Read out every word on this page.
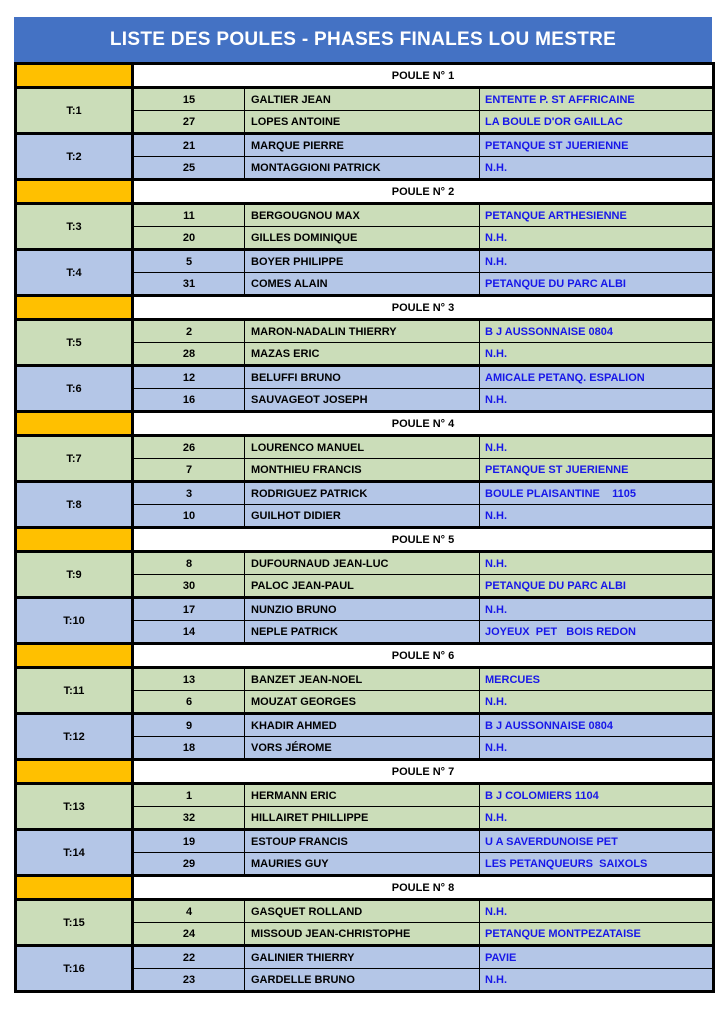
LISTE DES POULES - PHASES FINALES LOU MESTRE
	POULE N° 1		
T:1	15	GALTIER JEAN	ENTENTE P. ST AFFRICAINE
	27	LOPES ANTOINE	LA BOULE D'OR GAILLAC
T:2	21	MARQUE PIERRE	PETANQUE ST JUERIENNE
	25	MONTAGGIONI PATRICK	N.H.
	POULE N° 2		
T:3	11	BERGOUGNOU MAX	PETANQUE ARTHESIENNE
	20	GILLES DOMINIQUE	N.H.
T:4	5	BOYER PHILIPPE	N.H.
	31	COMES ALAIN	PETANQUE DU PARC ALBI
	POULE N° 3		
T:5	2	MARON-NADALIN THIERRY	B J AUSSONNAISE 0804
	28	MAZAS ERIC	N.H.
T:6	12	BELUFFI BRUNO	AMICALE PETANQ. ESPALION
	16	SAUVAGEOT JOSEPH	N.H.
	POULE N° 4		
T:7	26	LOURENCO MANUEL	N.H.
	7	MONTHIEU FRANCIS	PETANQUE ST JUERIENNE
T:8	3	RODRIGUEZ PATRICK	BOULE PLAISANTINE    1105
	10	GUILHOT DIDIER	N.H.
	POULE N° 5		
T:9	8	DUFOURNAUD JEAN-LUC	N.H.
	30	PALOC JEAN-PAUL	PETANQUE DU PARC ALBI
T:10	17	NUNZIO BRUNO	N.H.
	14	NEPLE PATRICK	JOYEUX  PET   BOIS REDON
	POULE N° 6		
T:11	13	BANZET JEAN-NOEL	MERCUES
	6	MOUZAT GEORGES	N.H.
T:12	9	KHADIR AHMED	B J AUSSONNAISE 0804
	18	VORS JÉROME	N.H.
	POULE N° 7		
T:13	1	HERMANN ERIC	B J COLOMIERS 1104
	32	HILLAIRET PHILLIPPE	N.H.
T:14	19	ESTOUP FRANCIS	U A SAVERDUNOISE PET
	29	MAURIES GUY	LES PETANQUEURS  SAIXOLS
	POULE N° 8		
T:15	4	GASQUET ROLLAND	N.H.
	24	MISSOUD JEAN-CHRISTOPHE	PETANQUE MONTPEZATAISE
T:16	22	GALINIER THIERRY	PAVIE
	23	GARDELLE BRUNO	N.H.
